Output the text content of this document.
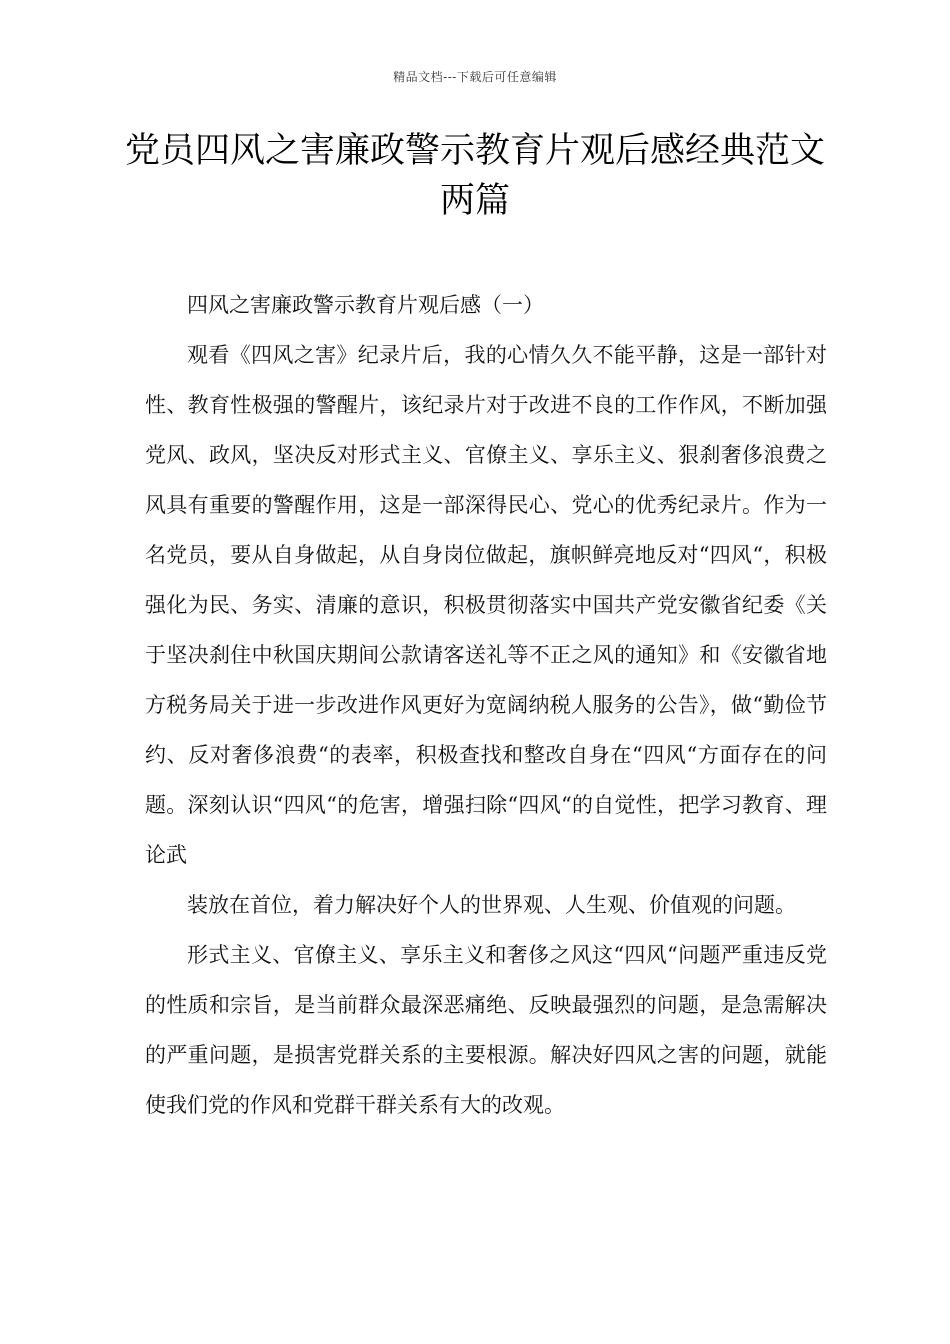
精品文档---下载后可任意编辑
党员四风之害廉政警示教育片观后感经典范文两篇

四风之害廉政警示教育片观后感（一）

观看《四风之害》纪录片后，我的心情久久不能平静，这是一部针对性、教育性极强的警醒片，该纪录片对于改进不良的工作作风，不断加强党风、政风，坚决反对形式主义、官僚主义、享乐主义、狠刹奢侈浪费之风具有重要的警醒作用，这是一部深得民心、党心的优秀纪录片。作为一名党员，要从自身做起，从自身岗位做起，旗帜鲜亮地反对“四风“，积极强化为民、务实、清廉的意识，积极贯彻落实中国共产党安徽省纪委《关于坚决刹住中秋国庆期间公款请客送礼等不正之风的通知》和《安徽省地方税务局关于进一步改进作风更好为宽阔纳税人服务的公告》，做“勤俭节约、反对奢侈浪费“的表率，积极查找和整改自身在“四风“方面存在的问题。深刻认识“四风“的危害，增强扫除“四风“的自觉性，把学习教育、理论武

装放在首位，着力解决好个人的世界观、人生观、价值观的问题。

形式主义、官僚主义、享乐主义和奢侈之风这“四风“问题严重违反党的性质和宗旨，是当前群众最深恶痛绝、反映最强烈的问题，是急需解决的严重问题，是损害党群关系的主要根源。解决好四风之害的问题，就能使我们党的作风和党群干群关系有大的改观。
